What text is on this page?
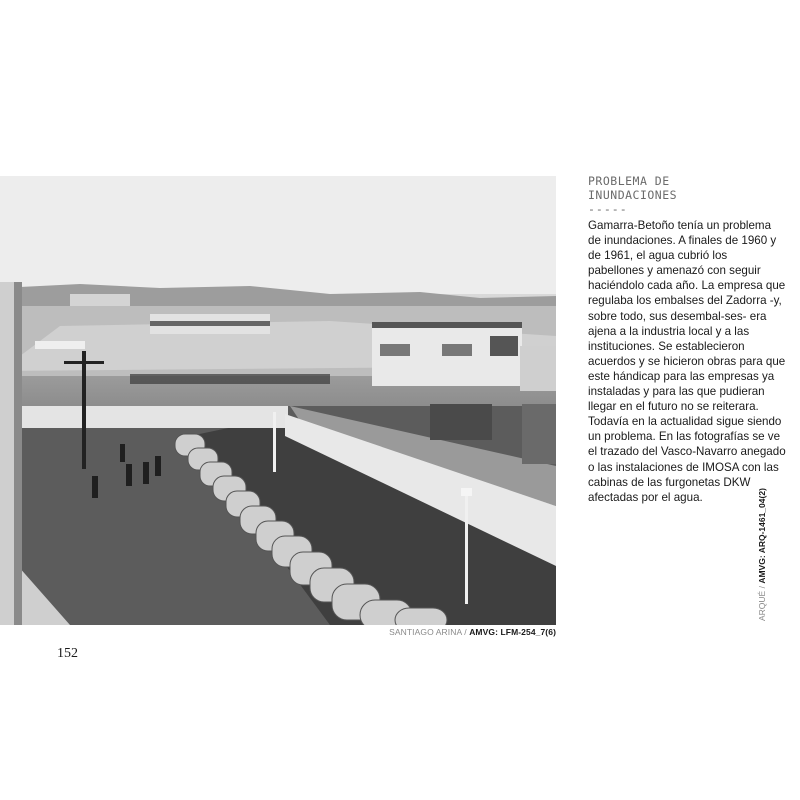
SANTIAGO ARINA / AMVG: LFM-254_7(6)
152
PROBLEMA DE
INUNDACIONES
-----

Gamarra-Betoño tenía un problema de inundaciones. A finales de 1960 y de 1961, el agua cubrió los pabellones y amenazó con seguir haciéndolo cada año. La empresa que regulaba los embalses del Zadorra -y, sobre todo, sus desembal-ses- era ajena a la industria local y a las instituciones. Se establecieron acuerdos y se hicieron obras para que este hándicap para las empresas ya instaladas y para las que pudieran llegar en el futuro no se reiterara. Todavía en la actualidad sigue siendo un problema. En las fotografías se ve el trazado del Vasco-Navarro anegado o las instalaciones de IMOSA con las cabinas de las furgonetas DKW afectadas por el agua.

ARQUÉ / AMVG: ARQ-1461_04(2)
